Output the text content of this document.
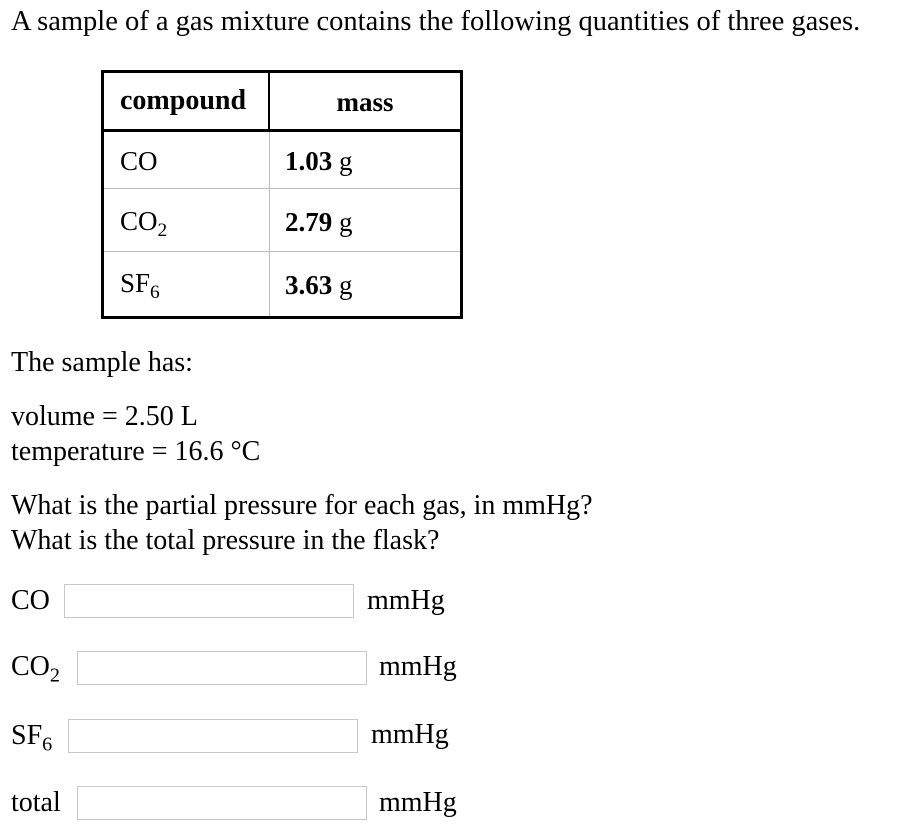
A sample of a gas mixture contains the following quantities of three gases.
compound	mass
CO	1.03 g
$CO_2$	2.79 g
$SF_6$	3.63 g
The sample has:
volume = 2.50 L
temperature = 16.6 °C
What is the partial pressure for each gas, in mmHg?
What is the total pressure in the flask?
CO	mmHg
$CO_2$	mmHg
$SF_6$	mmHg
total	mmHg
